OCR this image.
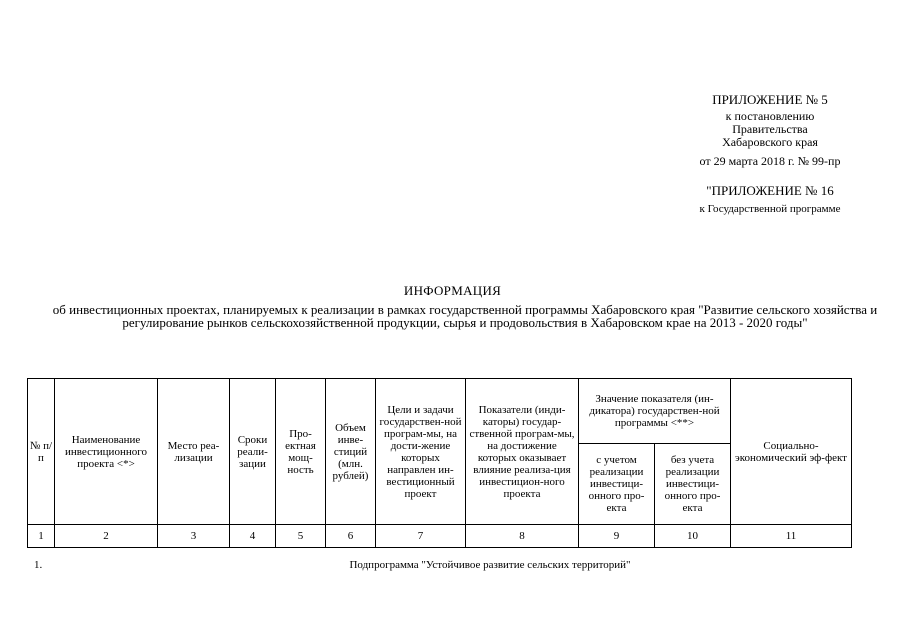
ПРИЛОЖЕНИЕ № 5
к постановлению
Правительства
Хабаровского края
от 29 марта 2018 г. № 99-пр
"ПРИЛОЖЕНИЕ № 16
к Государственной программе
ИНФОРМАЦИЯ
об инвестиционных проектах, планируемых к реализации в рамках государственной программы Хабаровского края "Развитие сельского хозяйства и регулирование рынков сельскохозяйственной продукции, сырья и продовольствия в Хабаровском крае на 2013 - 2020 годы"
№ п/п	Наименование инвестиционного проекта <*>	Место реа-лизации	Сроки реали-зации	Про-ектная мощ-ность	Объем инве-стиций (млн. рублей)	Цели и задачи государствен-ной програм-мы, на дости-жение которых направлен ин-вестиционный проект	Показатели (инди-каторы) государ-ственной програм-мы, на достижение которых оказывает влияние реализа-ция инвестицион-ного проекта	Значение показателя (ин-дикатора) государствен-ной программы <**>		Социально-экономический эф-фект
								с учетом реализации инвестици-онного про-екта	без учета реализации инвестици-онного про-екта	
1	2	3	4	5	6	7	8	9	10	11
1.	Подпрограмма "Устойчивое развитие сельских территорий"
